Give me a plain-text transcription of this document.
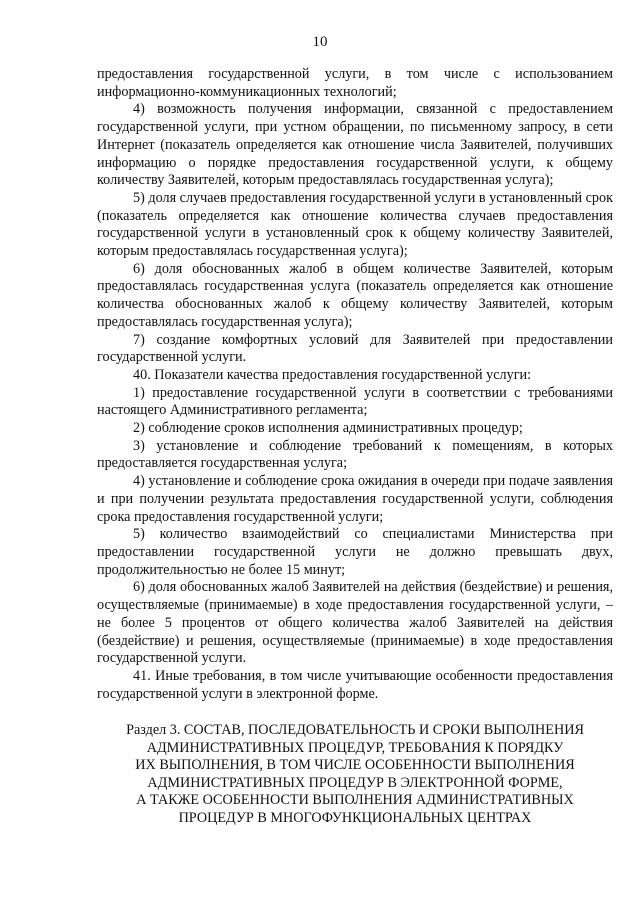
10

предоставления государственной услуги, в том числе с использованием информационно-коммуникационных технологий;

4) возможность получения информации, связанной с предоставлением государственной услуги, при устном обращении, по письменному запросу, в сети Интернет (показатель определяется как отношение числа Заявителей, получивших информацию о порядке предоставления государственной услуги, к общему количеству Заявителей, которым предоставлялась государственная услуга);

5) доля случаев предоставления государственной услуги в установленный срок (показатель определяется как отношение количества случаев предоставления государственной услуги в установленный срок к общему количеству Заявителей, которым предоставлялась государственная услуга);

6) доля обоснованных жалоб в общем количестве Заявителей, которым предоставлялась государственная услуга (показатель определяется как отношение количества обоснованных жалоб к общему количеству Заявителей, которым предоставлялась государственная услуга);

7) создание комфортных условий для Заявителей при предоставлении государственной услуги.

40. Показатели качества предоставления государственной услуги:

1) предоставление государственной услуги в соответствии с требованиями настоящего Административного регламента;

2) соблюдение сроков исполнения административных процедур;

3) установление и соблюдение требований к помещениям, в которых предоставляется государственная услуга;

4) установление и соблюдение срока ожидания в очереди при подаче заявления и при получении результата предоставления государственной услуги, соблюдения срока предоставления государственной услуги;

5) количество взаимодействий со специалистами Министерства при предоставлении государственной услуги не должно превышать двух, продолжительностью не более 15 минут;

6) доля обоснованных жалоб Заявителей на действия (бездействие) и решения, осуществляемые (принимаемые) в ходе предоставления государственной услуги, – не более 5 процентов от общего количества жалоб Заявителей на действия (бездействие) и решения, осуществляемые (принимаемые) в ходе предоставления государственной услуги.

41. Иные требования, в том числе учитывающие особенности предоставления государственной услуги в электронной форме.

Раздел 3. СОСТАВ, ПОСЛЕДОВАТЕЛЬНОСТЬ И СРОКИ ВЫПОЛНЕНИЯ
АДМИНИСТРАТИВНЫХ ПРОЦЕДУР, ТРЕБОВАНИЯ К ПОРЯДКУ
ИХ ВЫПОЛНЕНИЯ, В ТОМ ЧИСЛЕ ОСОБЕННОСТИ ВЫПОЛНЕНИЯ
АДМИНИСТРАТИВНЫХ ПРОЦЕДУР В ЭЛЕКТРОННОЙ ФОРМЕ,
А ТАКЖЕ ОСОБЕННОСТИ ВЫПОЛНЕНИЯ АДМИНИСТРАТИВНЫХ
ПРОЦЕДУР В МНОГОФУНКЦИОНАЛЬНЫХ ЦЕНТРАХ
